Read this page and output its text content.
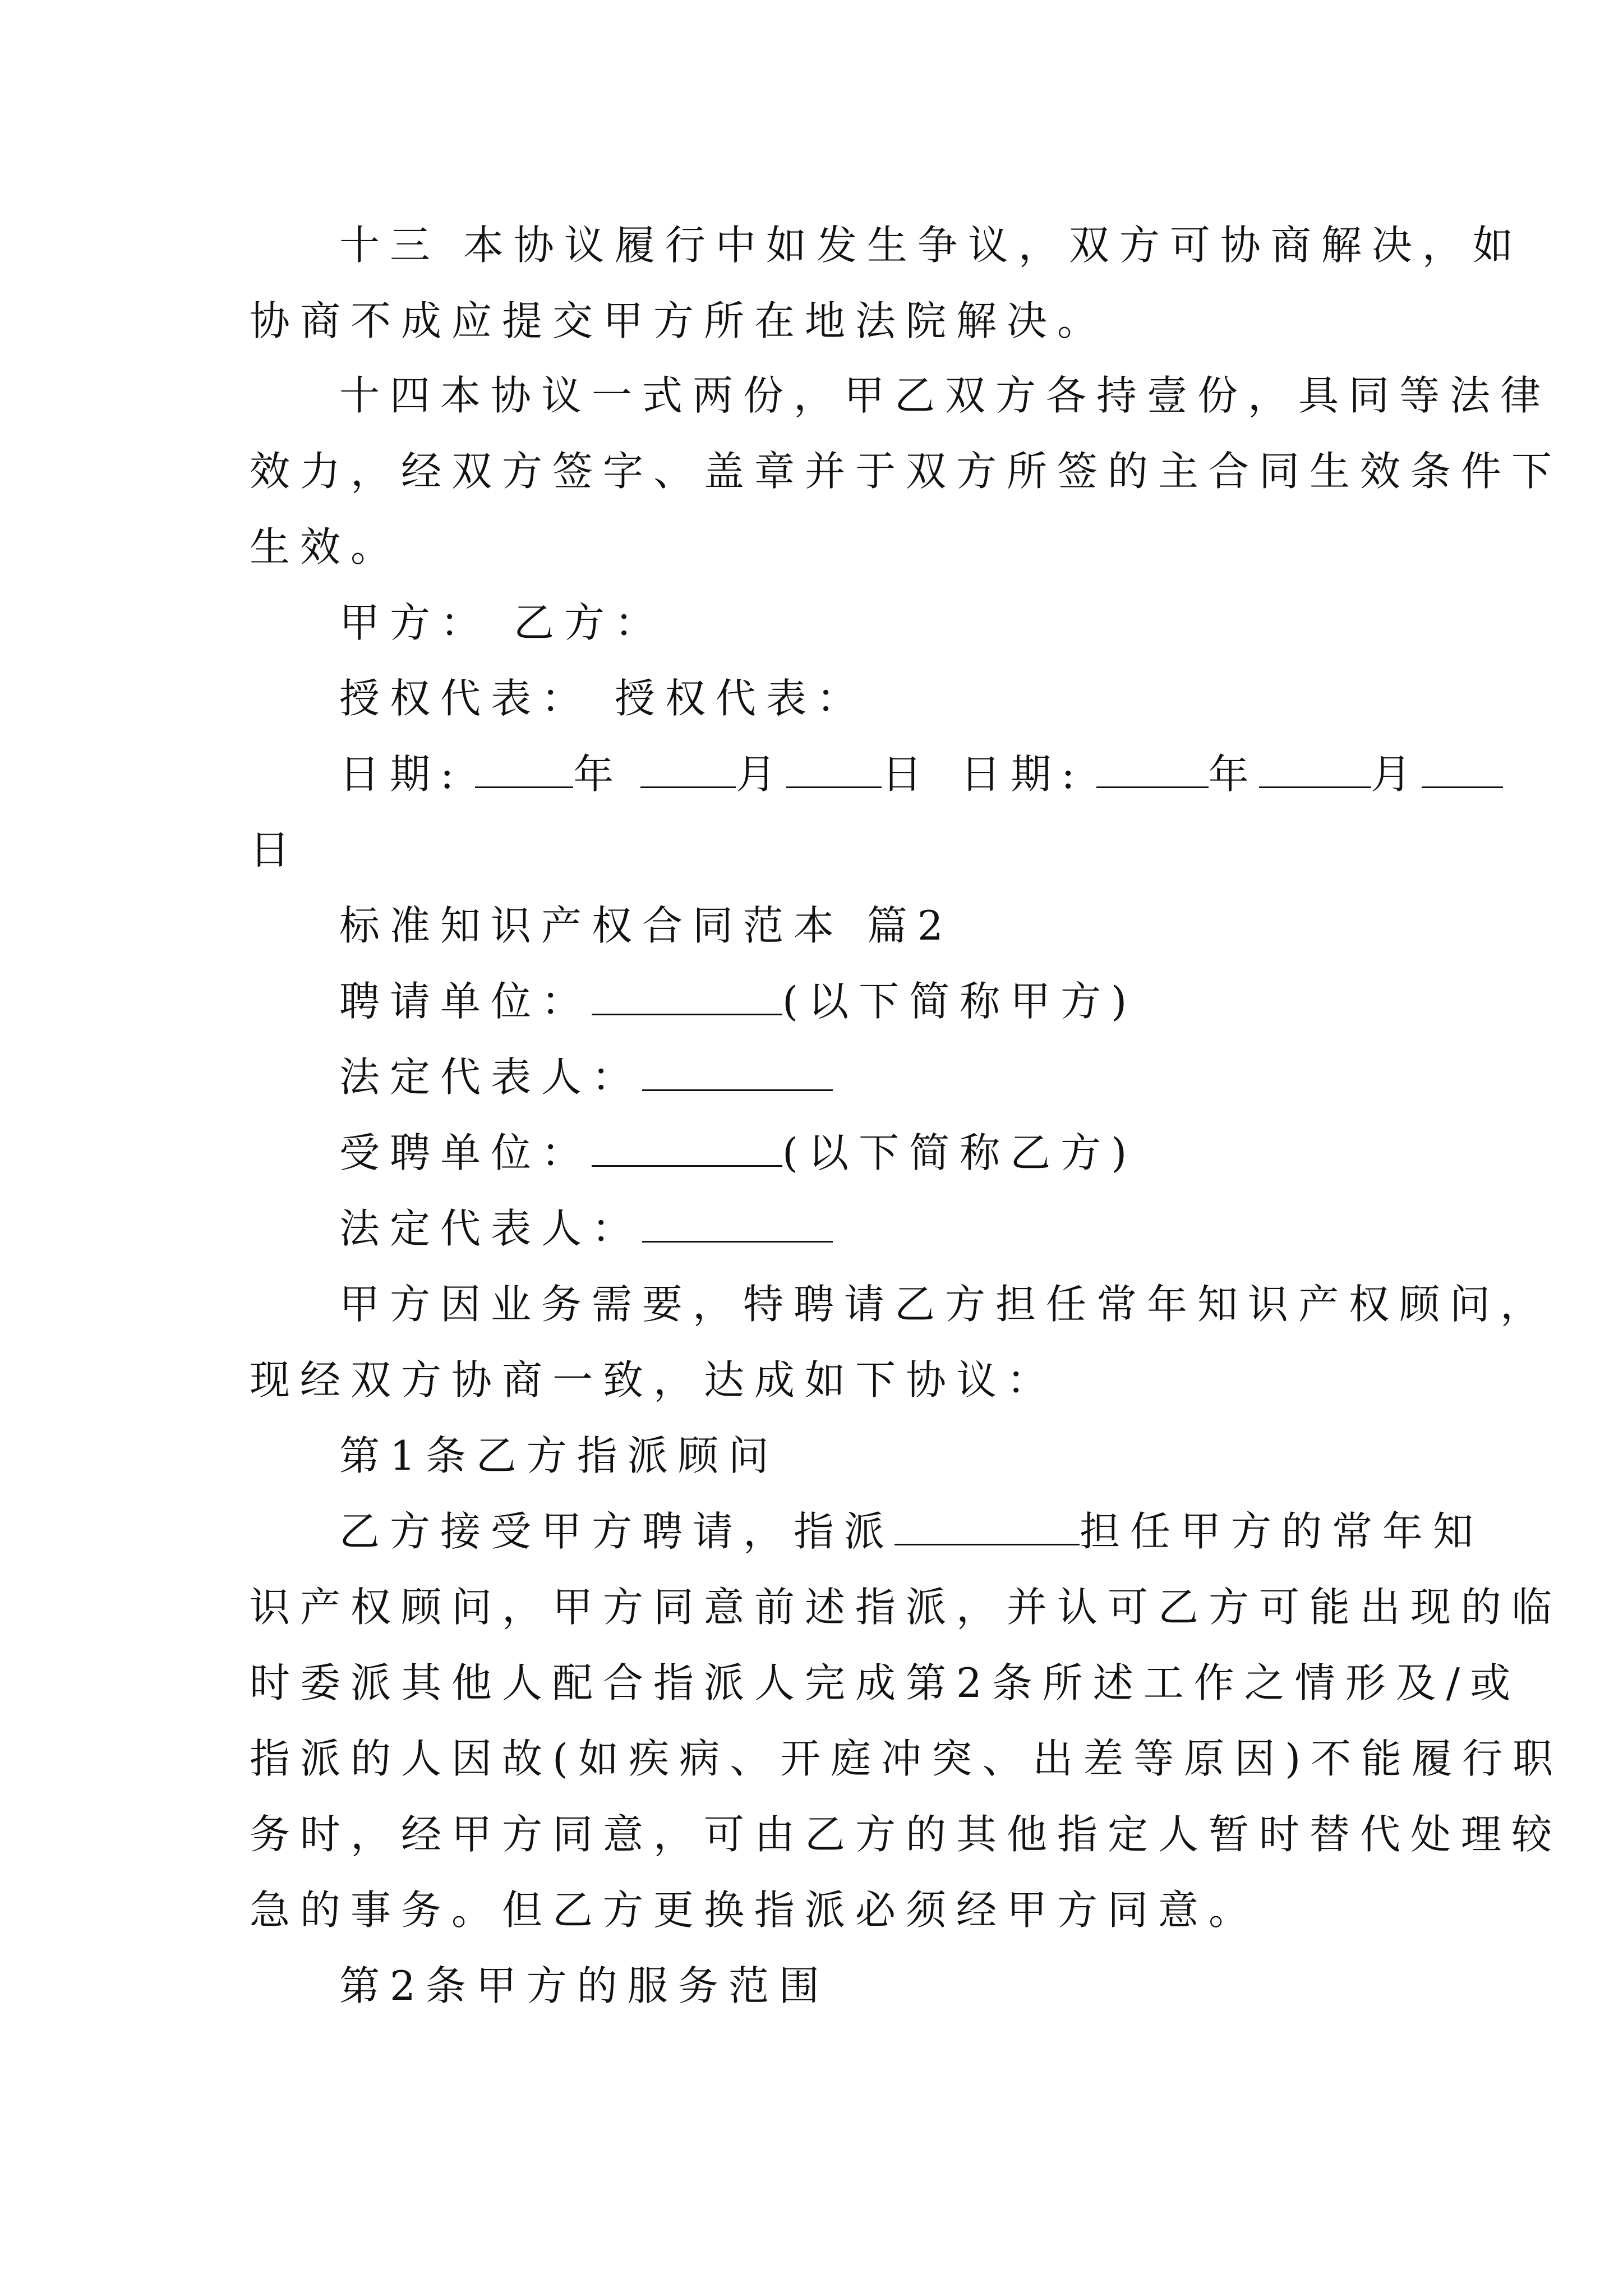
十三 本协议履行中如发生争议，双方可协商解决，如
协商不成应提交甲方所在地法院解决。
十四本协议一式两份，甲乙双方各持壹份，具同等法律
效力，经双方签字、盖章并于双方所签的主合同生效条件下
生效。
甲方： 乙方：
授权代表： 授权代表：
日期:	年	月 日 日期:	年	月
日
标准知识产权合同范本 篇2
聘请单位：	(以下简称甲方)
法定代表人：
受聘单位：	(以下简称乙方)
法定代表人：
甲方因业务需要，特聘请乙方担任常年知识产权顾问，
现经双方协商一致，达成如下协议：
第1条乙方指派顾问
乙方接受甲方聘请，指派	担任甲方的常年知
识产权顾问，甲方同意前述指派，并认可乙方可能出现的临
时委派其他人配合指派人完成第2条所述工作之情形及/或
指派的人因故(如疾病、开庭冲突、出差等原因)不能履行职
务时，经甲方同意，可由乙方的其他指定人暂时替代处理较
急的事务。但乙方更换指派必须经甲方同意。
第2条甲方的服务范围
